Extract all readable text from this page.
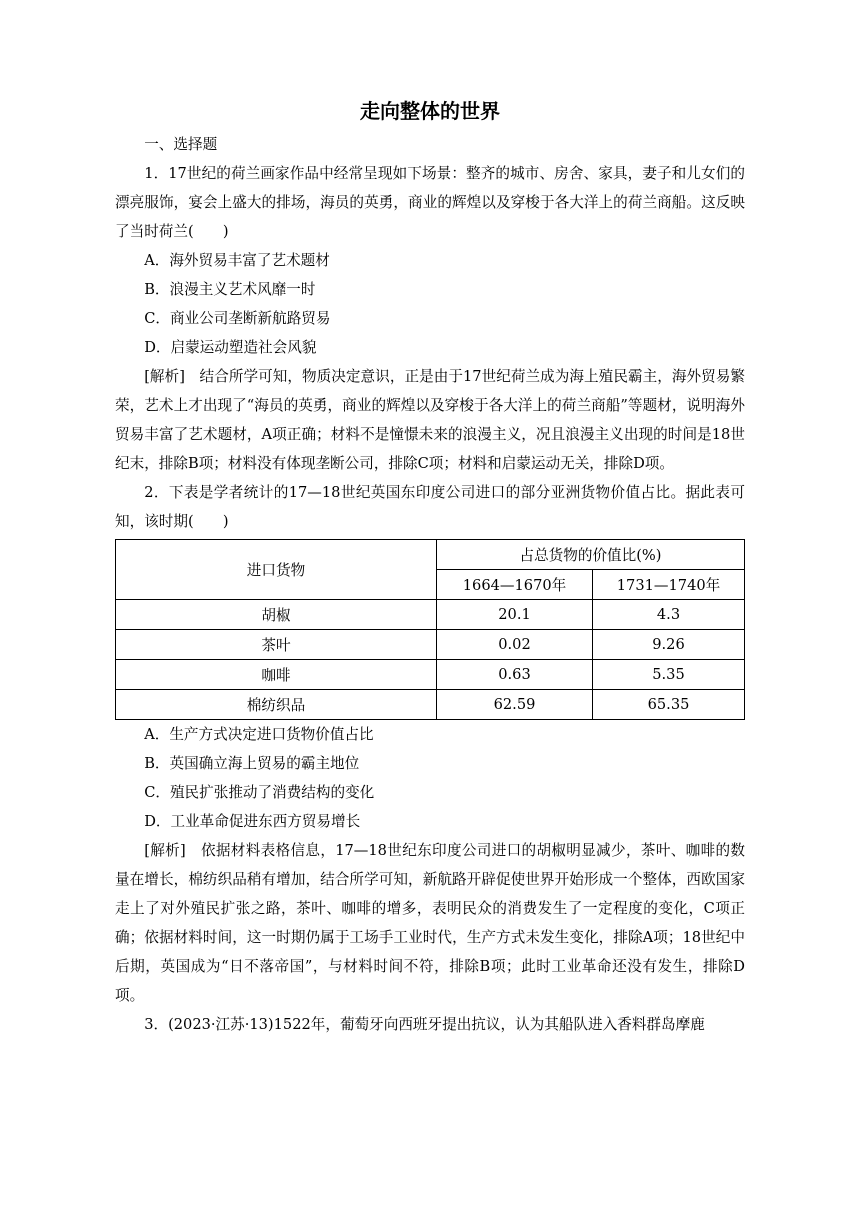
走向整体的世界

一、选择题

1．17世纪的荷兰画家作品中经常呈现如下场景：整齐的城市、房舍、家具，妻子和儿女们的漂亮服饰，宴会上盛大的排场，海员的英勇，商业的辉煌以及穿梭于各大洋上的荷兰商船。这反映了当时荷兰(　　)

A．海外贸易丰富了艺术题材

B．浪漫主义艺术风靡一时

C．商业公司垄断新航路贸易

D．启蒙运动塑造社会风貌

[解析]　结合所学可知，物质决定意识，正是由于17世纪荷兰成为海上殖民霸主，海外贸易繁荣，艺术上才出现了“海员的英勇，商业的辉煌以及穿梭于各大洋上的荷兰商船”等题材，说明海外贸易丰富了艺术题材，A项正确；材料不是憧憬未来的浪漫主义，况且浪漫主义出现的时间是18世纪末，排除B项；材料没有体现垄断公司，排除C项；材料和启蒙运动无关，排除D项。

2．下表是学者统计的17—18世纪英国东印度公司进口的部分亚洲货物价值占比。据此表可知，该时期(　　)

进口货物	占总货物的价值比(%)	
	1664—1670年	1731—1740年
胡椒	20.1	4.3
茶叶	0.02	9.26
咖啡	0.63	5.35
棉纺织品	62.59	65.35

A．生产方式决定进口货物价值占比

B．英国确立海上贸易的霸主地位

C．殖民扩张推动了消费结构的变化

D．工业革命促进东西方贸易增长

[解析]　依据材料表格信息，17—18世纪东印度公司进口的胡椒明显减少，茶叶、咖啡的数量在增长，棉纺织品稍有增加，结合所学可知，新航路开辟促使世界开始形成一个整体，西欧国家走上了对外殖民扩张之路，茶叶、咖啡的增多，表明民众的消费发生了一定程度的变化，C项正确；依据材料时间，这一时期仍属于工场手工业时代，生产方式未发生变化，排除A项；18世纪中后期，英国成为“日不落帝国”，与材料时间不符，排除B项；此时工业革命还没有发生，排除D项。

3．(2023·江苏·13)1522年，葡萄牙向西班牙提出抗议，认为其船队进入香料群岛摩鹿
